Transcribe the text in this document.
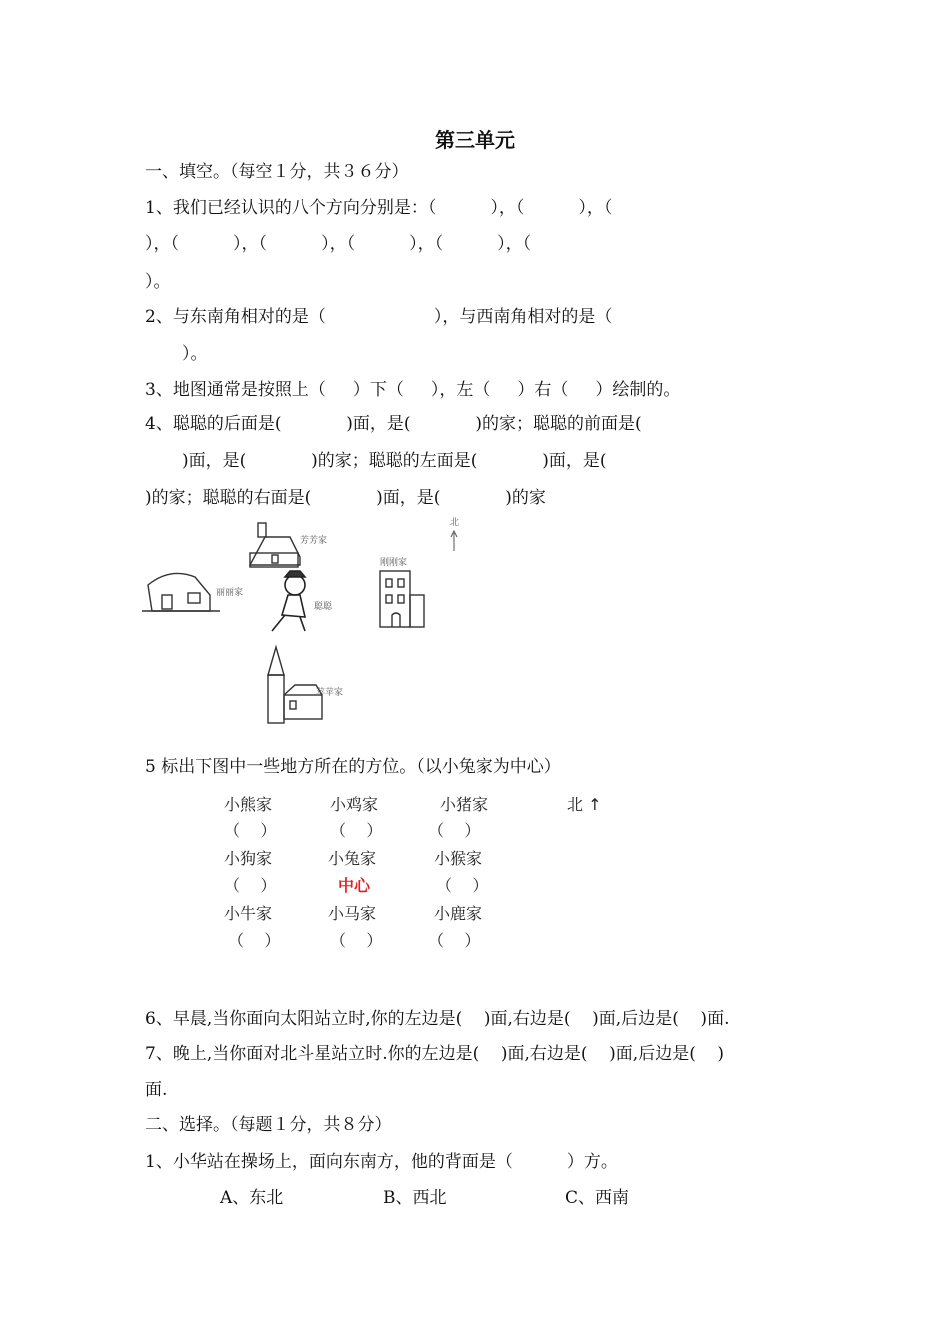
第三单元
一、填空。（每空１分，共３６分）
1、我们已经认识的八个方向分别是：（          ），（          ），（
），（          ），（          ），（          ），（          ），（
）。
2、与东南角相对的是（                    ），与西南角相对的是（
）。
3、地图通常是按照上（     ）下（     ），左（     ）右（     ）绘制的。
4、聪聪的后面是(            )面，是(            )的家；聪聪的前面是(
)面，是(            )的家；聪聪的左面是(            )面，是(
)的家；聪聪的右面是(            )面，是(            )的家
芳芳家
丽丽家
聪聪
刚刚家
北
苹苹家
5 标出下图中一些地方所在的方位。（以小兔家为中心）
小熊家	小鸡家	小猪家	北 ↑
（    ）	（    ）	（    ）
小狗家	小兔家	小猴家
（    ）	中心	（    ）
小牛家	小马家	小鹿家
（    ）	（    ）	（    ）
6、早晨,当你面向太阳站立时,你的左边是(    )面,右边是(    )面,后边是(    )面.
7、晚上,当你面对北斗星站立时.你的左边是(    )面,右边是(    )面,后边是(    )
面.
二、选择。（每题１分，共８分）
1、小华站在操场上，面向东南方，他的背面是（          ）方。
A、东北	B、西北	C、西南
